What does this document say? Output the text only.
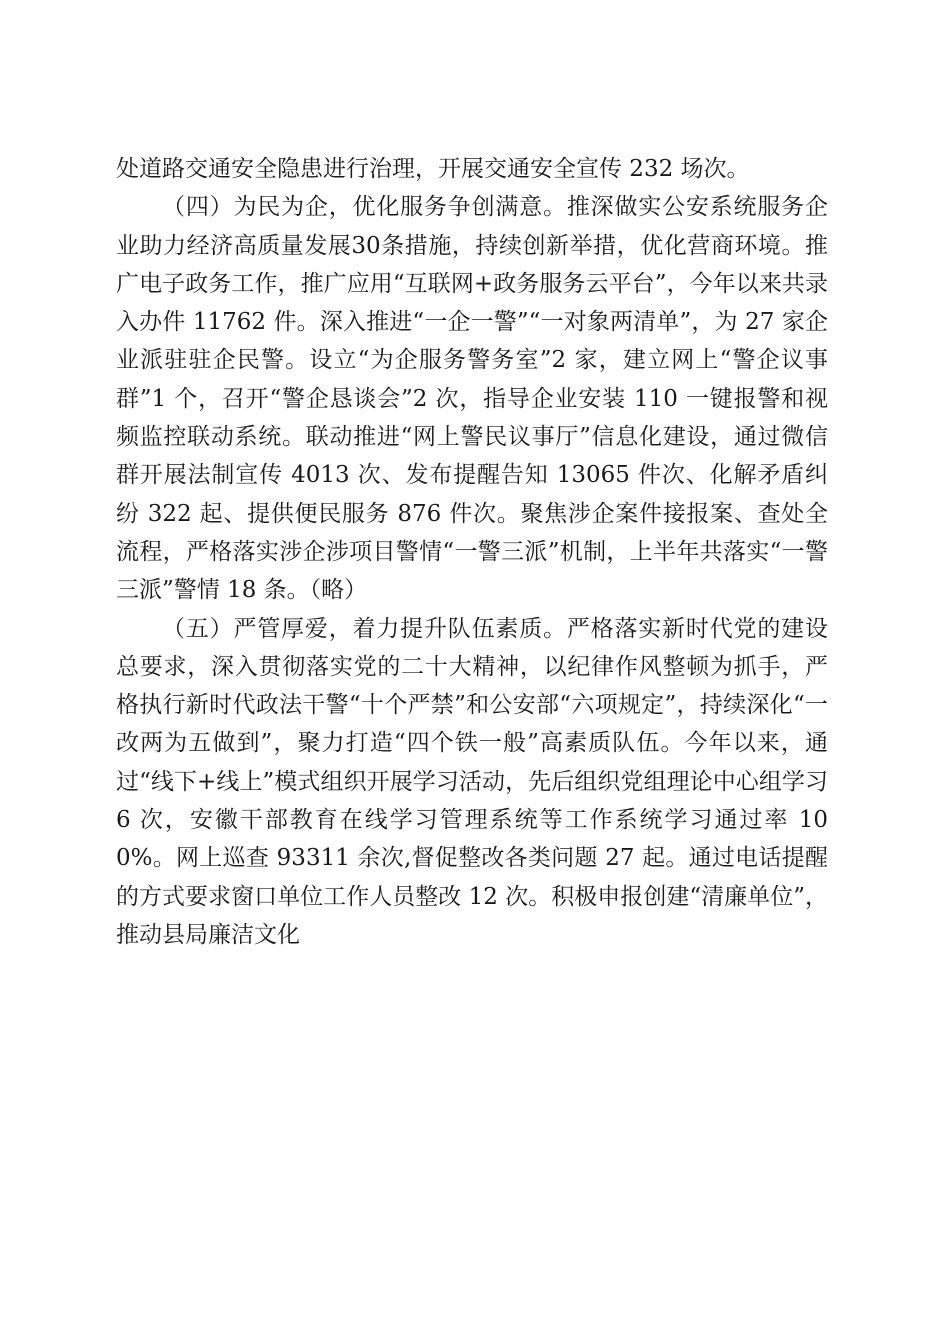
处道路交通安全隐患进行治理，开展交通安全宣传 232 场次。

（四）为民为企，优化服务争创满意。推深做实公安系统服务企业助力经济高质量发展30条措施，持续创新举措，优化营商环境。推广电子政务工作，推广应用“互联网+政务服务云平台”，今年以来共录入办件 11762 件。深入推进“一企一警”“一对象两清单”，为 27 家企业派驻驻企民警。设立“为企服务警务室”2 家，建立网上“警企议事群”1 个，召开“警企恳谈会”2 次，指导企业安装 110 一键报警和视频监控联动系统。联动推进“网上警民议事厅”信息化建设，通过微信群开展法制宣传 4013 次、发布提醒告知 13065 件次、化解矛盾纠纷 322 起、提供便民服务 876 件次。聚焦涉企案件接报案、查处全流程，严格落实涉企涉项目警情“一警三派”机制，上半年共落实“一警三派”警情 18 条。（略）

（五）严管厚爱，着力提升队伍素质。严格落实新时代党的建设总要求，深入贯彻落实党的二十大精神，以纪律作风整顿为抓手，严格执行新时代政法干警“十个严禁”和公安部“六项规定”，持续深化“一改两为五做到”，聚力打造“四个铁一般”高素质队伍。今年以来，通过“线下+线上”模式组织开展学习活动，先后组织党组理论中心组学习 6 次，安徽干部教育在线学习管理系统等工作系统学习通过率 100%。网上巡查 93311 余次,督促整改各类问题 27 起。通过电话提醒的方式要求窗口单位工作人员整改 12 次。积极申报创建“清廉单位”，推动县局廉洁文化
